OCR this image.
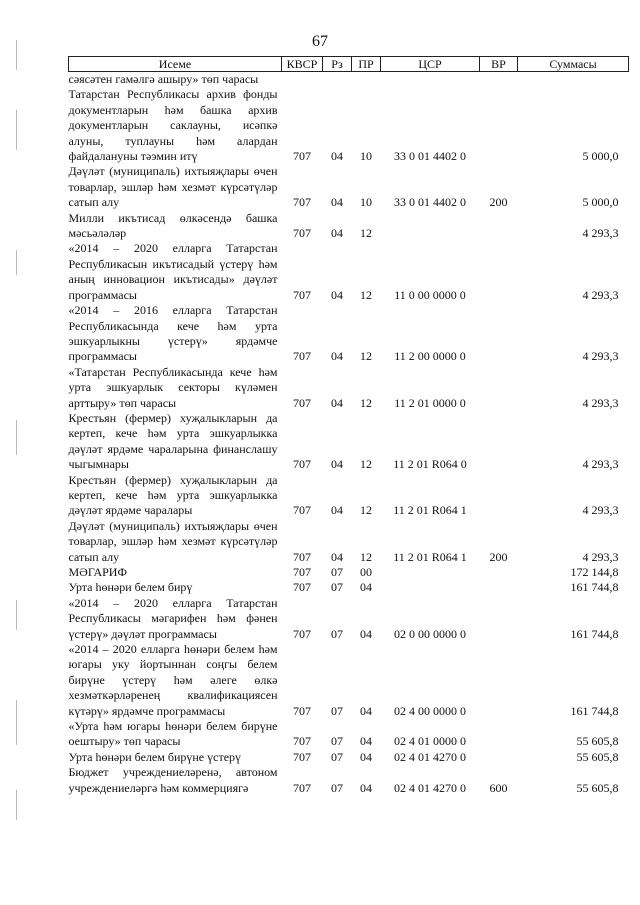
67
Исеме	КВСР	Рз	ПР	ЦСР	ВР	Суммасы
сәясәтен гамәлгә ашыру» төп чарасы						
Татарстан Республикасы архив фонды документларын һәм башка архив документларын саклауны, исәпкә алуны, туплауны һәм алардан файдалануны тәэмин итү	707	04	10	33 0 01 4402 0		5 000,0
Дәүләт (муниципаль) ихтыяҗлары өчен товарлар, эшләр һәм хезмәт күрсәтүләр сатып алу	707	04	10	33 0 01 4402 0	200	5 000,0
Милли икътисад өлкәсендә башка мәсьәләләр	707	04	12			4 293,3
«2014 – 2020 елларга Татарстан Республикасын икътисадый үстерү һәм аның инновацион икътисады» дәүләт программасы	707	04	12	11 0 00 0000 0		4 293,3
«2014 – 2016 елларга Татарстан Республикасында кече һәм урта эшкуарлыкны үстерү» ярдәмче программасы	707	04	12	11 2 00 0000 0		4 293,3
«Татарстан Республикасында кече һәм урта эшкуарлык секторы күләмен арттыру» төп чарасы	707	04	12	11 2 01 0000 0		4 293,3
Крестьян (фермер) хуҗалыкларын да кертеп, кече һәм урта эшкуарлыкка дәүләт ярдәме чараларына финанслашу чыгымнары	707	04	12	11 2 01 R064 0		4 293,3
Крестьян (фермер) хуҗалыкларын да кертеп, кече һәм урта эшкуарлыкка дәүләт ярдәме чаралары	707	04	12	11 2 01 R064 1		4 293,3
Дәүләт (муниципаль) ихтыяҗлары өчен товарлар, эшләр һәм хезмәт күрсәтүләр сатып алу	707	04	12	11 2 01 R064 1	200	4 293,3
МӘГАРИФ	707	07	00			172 144,8
Урта һөнәри белем бирү	707	07	04			161 744,8
«2014 – 2020 елларга Татарстан Республикасы мәгарифен һәм фәнен үстерү» дәүләт программасы	707	07	04	02 0 00 0000 0		161 744,8
«2014 – 2020 елларга һөнәри белем һәм югары уку йортыннан соңгы белем бирүне үстерү һәм әлеге өлкә хезмәткәрләренең квалификациясен күтәрү» ярдәмче программасы	707	07	04	02 4 00 0000 0		161 744,8
«Урта һәм югары һөнәри белем бирүне оештыру» төп чарасы	707	07	04	02 4 01 0000 0		55 605,8
Урта һөнәри белем бирүне үстерү	707	07	04	02 4 01 4270 0		55 605,8
Бюджет учреждениеләренә, автоном учреждениеләргә һәм коммерциягә	707	07	04	02 4 01 4270 0	600	55 605,8
